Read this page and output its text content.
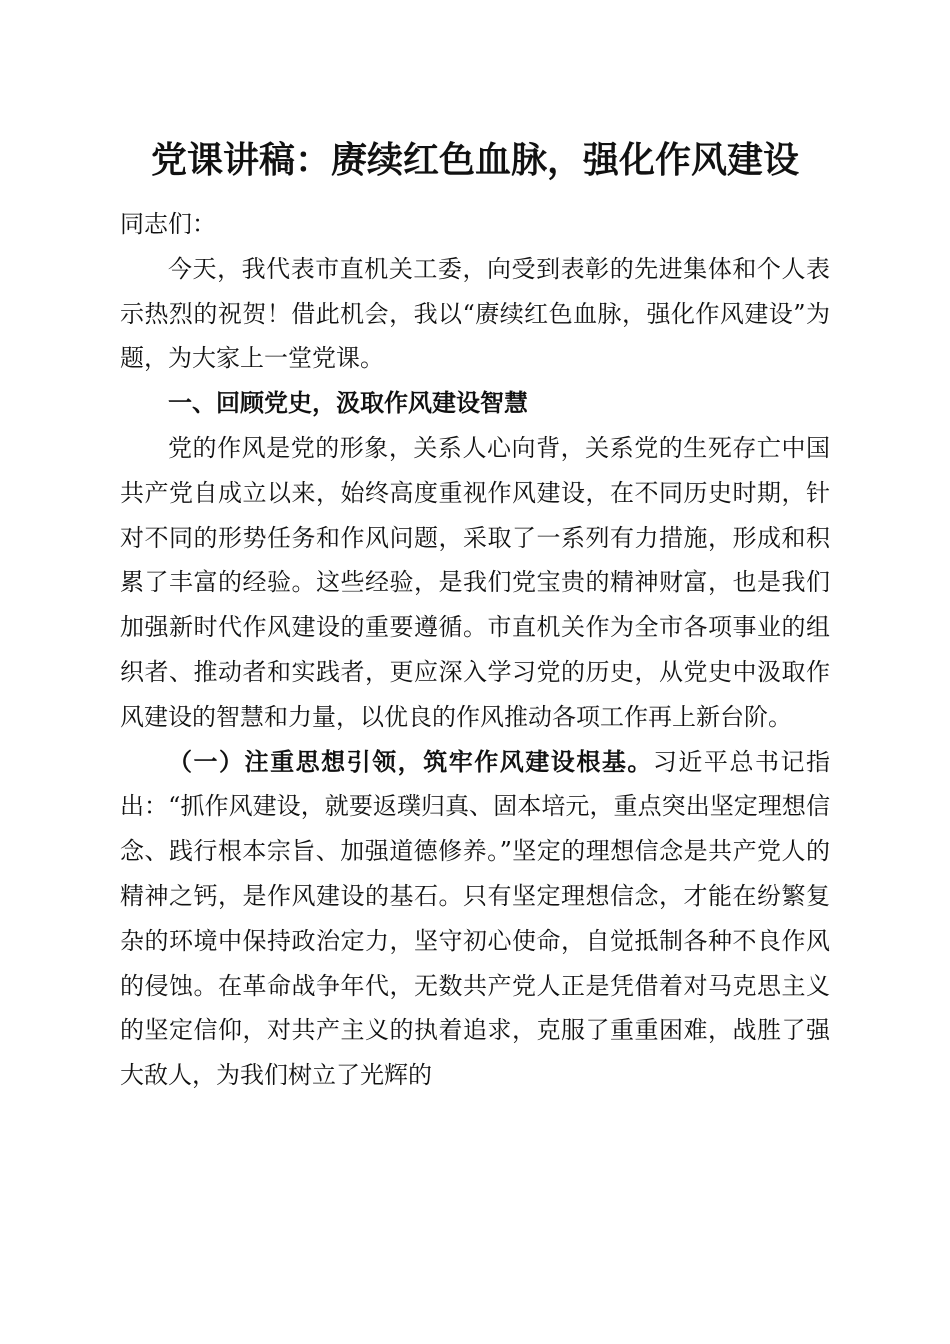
党课讲稿：赓续红色血脉，强化作风建设

同志们：

今天，我代表市直机关工委，向受到表彰的先进集体和个人表示热烈的祝贺！借此机会，我以“赓续红色血脉，强化作风建设”为题，为大家上一堂党课。

一、回顾党史，汲取作风建设智慧

党的作风是党的形象，关系人心向背，关系党的生死存亡中国共产党自成立以来，始终高度重视作风建设，在不同历史时期，针对不同的形势任务和作风问题，采取了一系列有力措施，形成和积累了丰富的经验。这些经验，是我们党宝贵的精神财富，也是我们加强新时代作风建设的重要遵循。市直机关作为全市各项事业的组织者、推动者和实践者，更应深入学习党的历史，从党史中汲取作风建设的智慧和力量，以优良的作风推动各项工作再上新台阶。

（一）注重思想引领，筑牢作风建设根基。习近平总书记指出：“抓作风建设，就要返璞归真、固本培元，重点突出坚定理想信念、践行根本宗旨、加强道德修养。”坚定的理想信念是共产党人的精神之钙，是作风建设的基石。只有坚定理想信念，才能在纷繁复杂的环境中保持政治定力，坚守初心使命，自觉抵制各种不良作风的侵蚀。在革命战争年代，无数共产党人正是凭借着对马克思主义的坚定信仰，对共产主义的执着追求，克服了重重困难，战胜了强大敌人，为我们树立了光辉的
